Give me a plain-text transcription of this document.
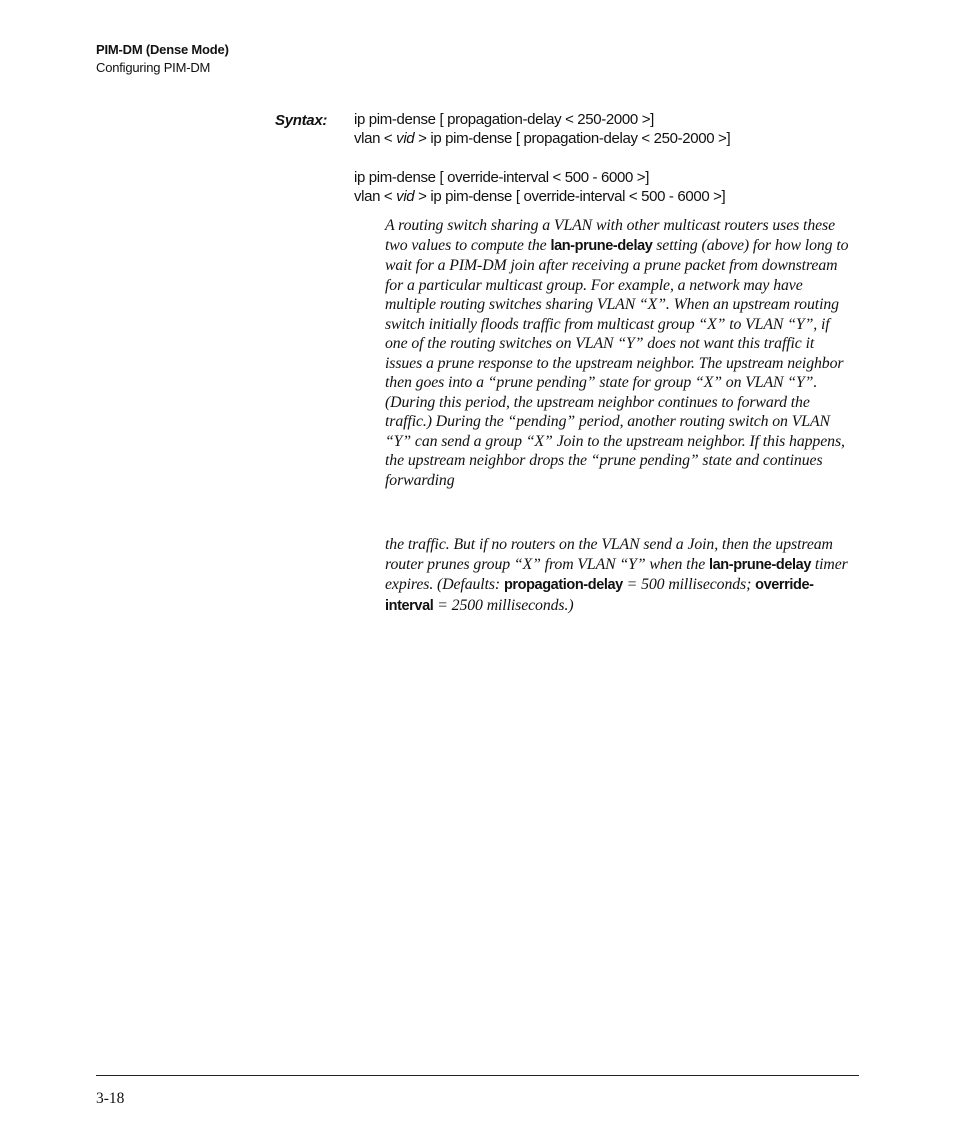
PIM-DM (Dense Mode)
Configuring PIM-DM
Syntax: ip pim-dense [ propagation-delay < 250-2000 >]
vlan < vid > ip pim-dense [ propagation-delay < 250-2000 >]
ip pim-dense [ override-interval < 500 - 6000 >]
vlan < vid > ip pim-dense [ override-interval < 500 - 6000 >]
A routing switch sharing a VLAN with other multicast routers uses these two values to compute the lan-prune-delay setting (above) for how long to wait for a PIM-DM join after receiving a prune packet from downstream for a particular multicast group. For example, a network may have multiple routing switches sharing VLAN “X”. When an upstream routing switch initially floods traffic from multicast group “X” to VLAN “Y”, if one of the routing switches on VLAN “Y” does not want this traffic it issues a prune response to the upstream neighbor. The upstream neighbor then goes into a “prune pending” state for group “X” on VLAN “Y”. (During this period, the upstream neighbor continues to forward the traffic.) During the “pending” period, another routing switch on VLAN “Y” can send a group “X” Join to the upstream neighbor. If this happens, the upstream neighbor drops the “prune pending” state and continues forwarding
the traffic. But if no routers on the VLAN send a Join, then the upstream router prunes group “X” from VLAN “Y” when the lan-prune-delay timer expires. (Defaults: propagation-delay = 500 milliseconds; override-interval = 2500 milliseconds.)
3-18
